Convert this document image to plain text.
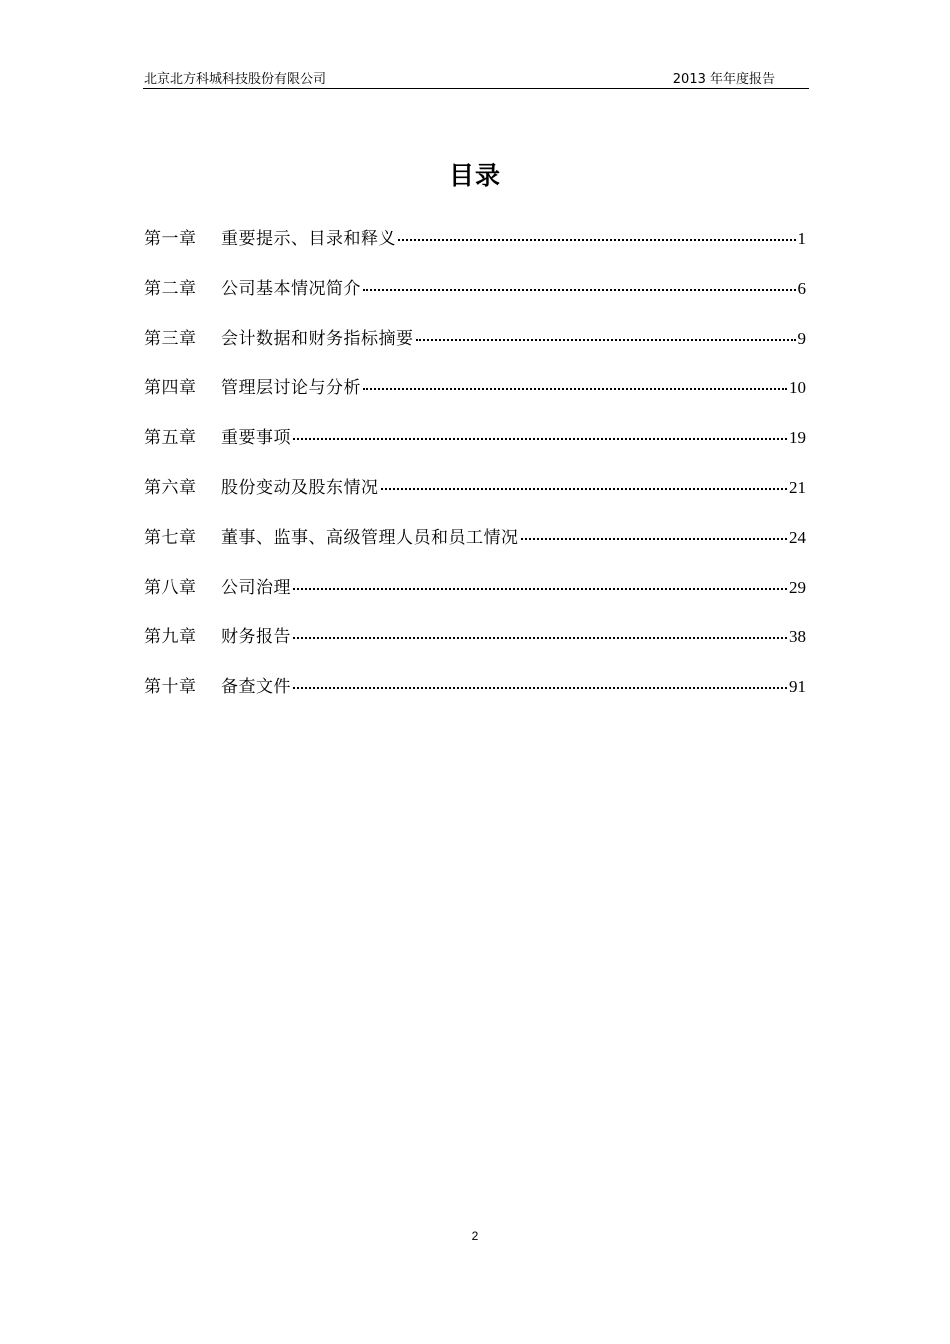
北京北方科城科技股份有限公司	2013 年年度报告
目录
第一章	重要提示、目录和释义	1
第二章	公司基本情况简介	6
第三章	会计数据和财务指标摘要	9
第四章	管理层讨论与分析	10
第五章	重要事项	19
第六章	股份变动及股东情况	21
第七章	董事、监事、高级管理人员和员工情况	24
第八章	公司治理	29
第九章	财务报告	38
第十章	备查文件	91
2
